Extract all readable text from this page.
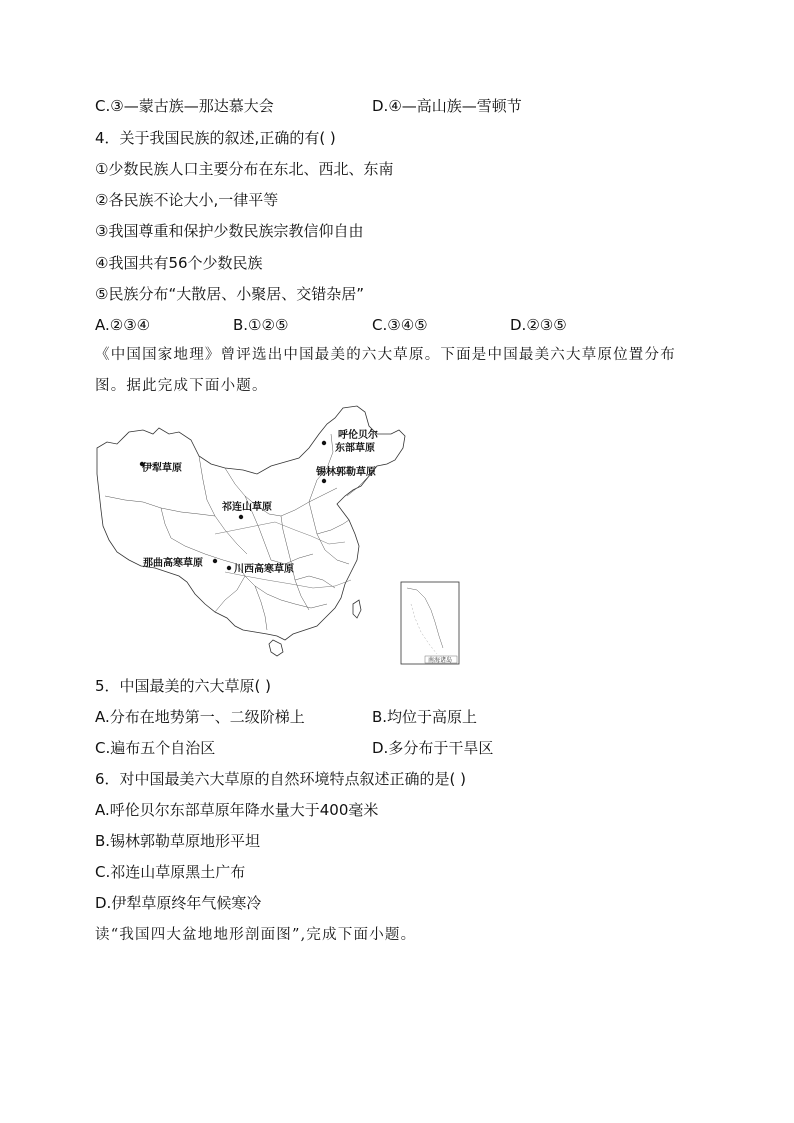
C.③—蒙古族—那达慕大会	D.④—高山族—雪顿节
4．关于我国民族的叙述,正确的有( )
①少数民族人口主要分布在东北、西北、东南
②各民族不论大小,一律平等
③我国尊重和保护少数民族宗教信仰自由
④我国共有56个少数民族
⑤民族分布“大散居、小聚居、交错杂居”
A.②③④	B.①②⑤	C.③④⑤	D.②③⑤
《中国国家地理》曾评选出中国最美的六大草原。下面是中国最美六大草原位置分布
图。据此完成下面小题。
呼伦贝尔
东部草原
锡林郭勒草原
伊犁草原
祁连山草原
那曲高寒草原
川西高寒草原
南海诸岛
5．中国最美的六大草原( )
A.分布在地势第一、二级阶梯上	B.均位于高原上
C.遍布五个自治区	D.多分布于干旱区
6．对中国最美六大草原的自然环境特点叙述正确的是( )
A.呼伦贝尔东部草原年降水量大于400毫米
B.锡林郭勒草原地形平坦
C.祁连山草原黑土广布
D.伊犁草原终年气候寒冷
读“我国四大盆地地形剖面图”,完成下面小题。
